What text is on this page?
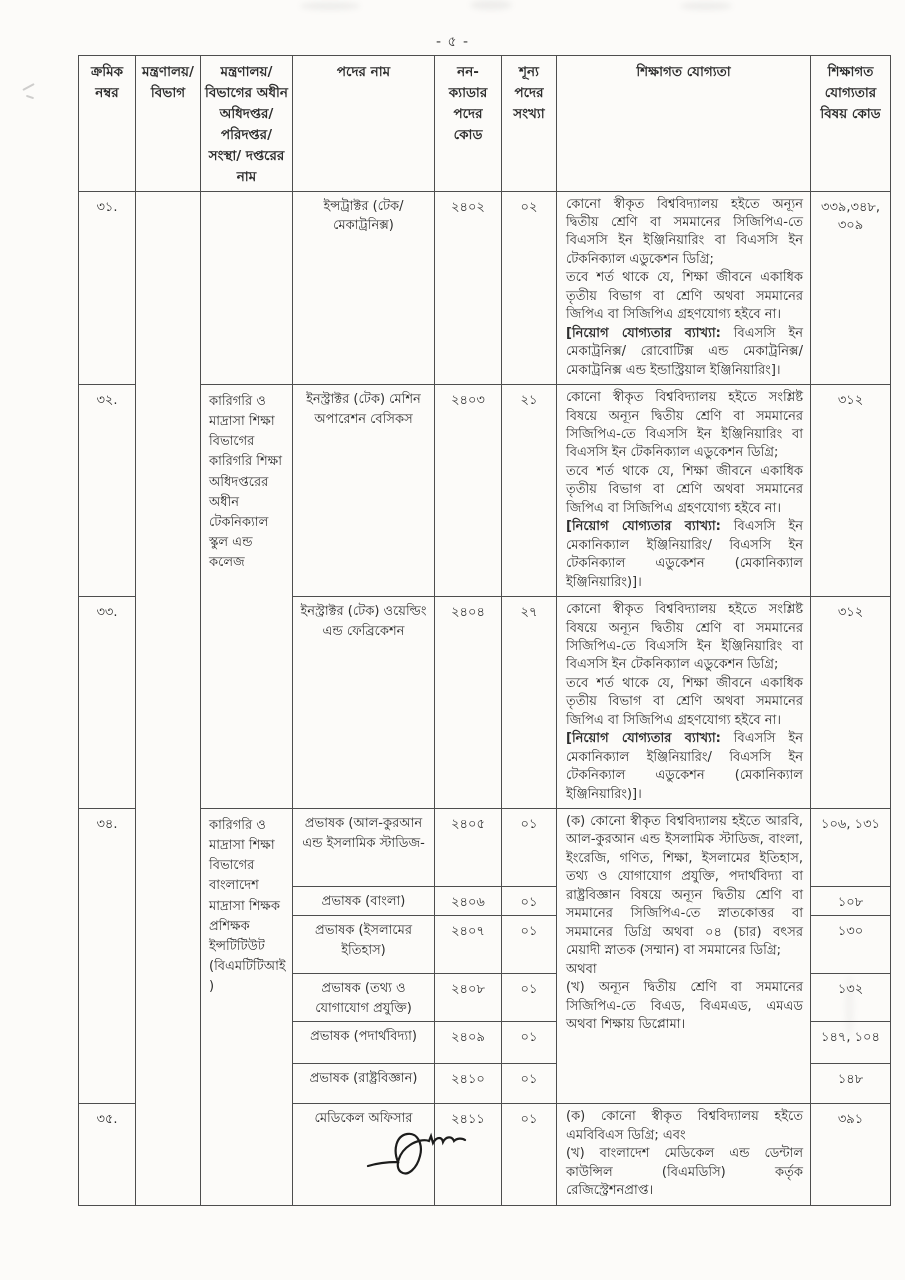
- ৫ -
ক্রমিক নম্বর	মন্ত্রণালয়/ বিভাগ	মন্ত্রণালয়/ বিভাগের অধীন অধিদপ্তর/ পরিদপ্তর/সংস্থা/ দপ্তরের নাম	পদের নাম	নন-ক্যাডার পদের কোড	শূন্য পদের সংখ্যা	শিক্ষাগত যোগ্যতা	শিক্ষাগত যোগ্যতার বিষয় কোড
৩১.			ইন্সট্রাক্টর (টেক/ মেকাট্রনিক্স)	২৪০২	০২	কোনো স্বীকৃত বিশ্ববিদ্যালয় হইতে অন্যূন দ্বিতীয় শ্রেণি বা সমমানের সিজিপিএ-তে বিএসসি ইন ইঞ্জিনিয়ারিং বা বিএসসি ইন টেকনিক্যাল এডুকেশন ডিগ্রি;

তবে শর্ত থাকে যে, শিক্ষা জীবনে একাধিক তৃতীয় বিভাগ বা শ্রেণি অথবা সমমানের জিপিএ বা সিজিপিএ গ্রহণযোগ্য হইবে না।

[নিয়োগ যোগ্যতার ব্যাখ্যা: বিএসসি ইন মেকাট্রনিক্স/ রোবোটিক্স এন্ড মেকাট্রনিক্স/ মেকাট্রনিক্স এন্ড ইন্ডাস্ট্রিয়াল ইঞ্জিনিয়ারিং]।	৩৩৯,৩৪৮, ৩০৯
৩২.		কারিগরি ও মাদ্রাসা শিক্ষা বিভাগের কারিগরি শিক্ষা অধিদপ্তরের অধীন টেকনিক্যাল স্কুল এন্ড কলেজ	ইনস্ট্রাক্টর (টেক) মেশিন অপারেশন বেসিকস	২৪০৩	২১	কোনো স্বীকৃত বিশ্ববিদ্যালয় হইতে সংশ্লিষ্ট বিষয়ে অন্যূন দ্বিতীয় শ্রেণি বা সমমানের সিজিপিএ-তে বিএসসি ইন ইঞ্জিনিয়ারিং বা বিএসসি ইন টেকনিক্যাল এডুকেশন ডিগ্রি;

তবে শর্ত থাকে যে, শিক্ষা জীবনে একাধিক তৃতীয় বিভাগ বা শ্রেণি অথবা সমমানের জিপিএ বা সিজিপিএ গ্রহণযোগ্য হইবে না।

[নিয়োগ যোগ্যতার ব্যাখ্যা: বিএসসি ইন মেকানিক্যাল ইঞ্জিনিয়ারিং/ বিএসসি ইন টেকনিক্যাল এডুকেশন (মেকানিক্যাল ইঞ্জিনিয়ারিং)]।	৩১২
৩৩.			ইনস্ট্রাক্টর (টেক) ওয়েল্ডিং এন্ড ফেব্রিকেশন	২৪০৪	২৭	কোনো স্বীকৃত বিশ্ববিদ্যালয় হইতে সংশ্লিষ্ট বিষয়ে অন্যূন দ্বিতীয় শ্রেণি বা সমমানের সিজিপিএ-তে বিএসসি ইন ইঞ্জিনিয়ারিং বা বিএসসি ইন টেকনিক্যাল এডুকেশন ডিগ্রি;

তবে শর্ত থাকে যে, শিক্ষা জীবনে একাধিক তৃতীয় বিভাগ বা শ্রেণি অথবা সমমানের জিপিএ বা সিজিপিএ গ্রহণযোগ্য হইবে না।

[নিয়োগ যোগ্যতার ব্যাখ্যা: বিএসসি ইন মেকানিক্যাল ইঞ্জিনিয়ারিং/ বিএসসি ইন টেকনিক্যাল এডুকেশন (মেকানিক্যাল ইঞ্জিনিয়ারিং)]।	৩১২
৩৪.		কারিগরি ও মাদ্রাসা শিক্ষা বিভাগের বাংলাদেশ মাদ্রাসা শিক্ষক প্রশিক্ষক ইন্সটিটিউট (বিএমটিটিআই)	প্রভাষক (আল-কুরআন এন্ড ইসলামিক স্টাডিজ-	২৪০৫	০১	(ক) কোনো স্বীকৃত বিশ্ববিদ্যালয় হইতে আরবি, আল-কুরআন এন্ড ইসলামিক স্টাডিজ, বাংলা, ইংরেজি, গণিত, শিক্ষা, ইসলামের ইতিহাস, তথ্য ও যোগাযোগ প্রযুক্তি, পদার্থবিদ্যা বা রাষ্ট্রবিজ্ঞান বিষয়ে অন্যূন দ্বিতীয় শ্রেণি বা সমমানের সিজিপিএ-তে স্নাতকোত্তর বা সমমানের ডিগ্রি অথবা ০৪ (চার) বৎসর মেয়াদী স্নাতক (সম্মান) বা সমমানের ডিগ্রি;

অথবা

(খ) অন্যূন দ্বিতীয় শ্রেণি বা সমমানের সিজিপিএ-তে বিএড, বিএমএড, এমএড অথবা শিক্ষায় ডিপ্লোমা।	১০৬, ১৩১
			প্রভাষক (বাংলা)	২৪০৬	০১		১০৮
			প্রভাষক (ইসলামের ইতিহাস)	২৪০৭	০১		১৩০
			প্রভাষক (তথ্য ও যোগাযোগ প্রযুক্তি)	২৪০৮	০১		১৩২
			প্রভাষক (পদার্থবিদ্যা)	২৪০৯	০১		১৪৭, ১০৪
			প্রভাষক (রাষ্ট্রবিজ্ঞান)	২৪১০	০১		১৪৮
৩৫.			মেডিকেল অফিসার	২৪১১	০১	(ক) কোনো স্বীকৃত বিশ্ববিদ্যালয় হইতে এমবিবিএস ডিগ্রি; এবং

(খ) বাংলাদেশ মেডিকেল এন্ড ডেন্টাল কাউন্সিল (বিএমডিসি) কর্তৃক রেজিস্ট্রেশনপ্রাপ্ত।	৩৯১
